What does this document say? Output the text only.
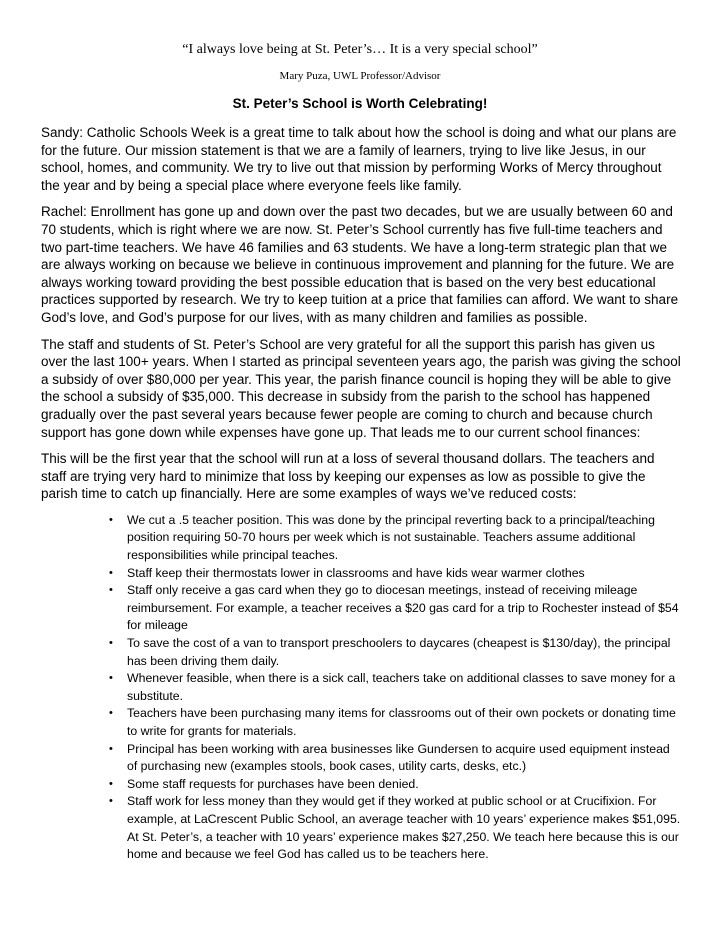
“I always love being at St. Peter’s… It is a very special school”

Mary Puza, UWL Professor/Advisor

St. Peter’s School is Worth Celebrating!

Sandy: Catholic Schools Week is a great time to talk about how the school is doing and what our plans are for the future. Our mission statement is that we are a family of learners, trying to live like Jesus, in our school, homes, and community. We try to live out that mission by performing Works of Mercy throughout the year and by being a special place where everyone feels like family.

Rachel: Enrollment has gone up and down over the past two decades, but we are usually between 60 and 70 students, which is right where we are now. St. Peter’s School currently has five full-time teachers and two part-time teachers. We have 46 families and 63 students. We have a long-term strategic plan that we are always working on because we believe in continuous improvement and planning for the future. We are always working toward providing the best possible education that is based on the very best educational practices supported by research. We try to keep tuition at a price that families can afford. We want to share God’s love, and God’s purpose for our lives, with as many children and families as possible.

The staff and students of St. Peter’s School are very grateful for all the support this parish has given us over the last 100+ years. When I started as principal seventeen years ago, the parish was giving the school a subsidy of over $80,000 per year. This year, the parish finance council is hoping they will be able to give the school a subsidy of $35,000. This decrease in subsidy from the parish to the school has happened gradually over the past several years because fewer people are coming to church and because church support has gone down while expenses have gone up. That leads me to our current school finances:

This will be the first year that the school will run at a loss of several thousand dollars. The teachers and staff are trying very hard to minimize that loss by keeping our expenses as low as possible to give the parish time to catch up financially. Here are some examples of ways we’ve reduced costs:

• We cut a .5 teacher position. This was done by the principal reverting back to a principal/teaching position requiring 50-70 hours per week which is not sustainable. Teachers assume additional responsibilities while principal teaches.
• Staff keep their thermostats lower in classrooms and have kids wear warmer clothes
• Staff only receive a gas card when they go to diocesan meetings, instead of receiving mileage reimbursement. For example, a teacher receives a $20 gas card for a trip to Rochester instead of $54 for mileage
• To save the cost of a van to transport preschoolers to daycares (cheapest is $130/day), the principal has been driving them daily.
• Whenever feasible, when there is a sick call, teachers take on additional classes to save money for a substitute.
• Teachers have been purchasing many items for classrooms out of their own pockets or donating time to write for grants for materials.
• Principal has been working with area businesses like Gundersen to acquire used equipment instead of purchasing new (examples stools, book cases, utility carts, desks, etc.)
• Some staff requests for purchases have been denied.
• Staff work for less money than they would get if they worked at public school or at Crucifixion. For example, at LaCrescent Public School, an average teacher with 10 years’ experience makes $51,095. At St. Peter’s, a teacher with 10 years’ experience makes $27,250. We teach here because this is our home and because we feel God has called us to be teachers here.
